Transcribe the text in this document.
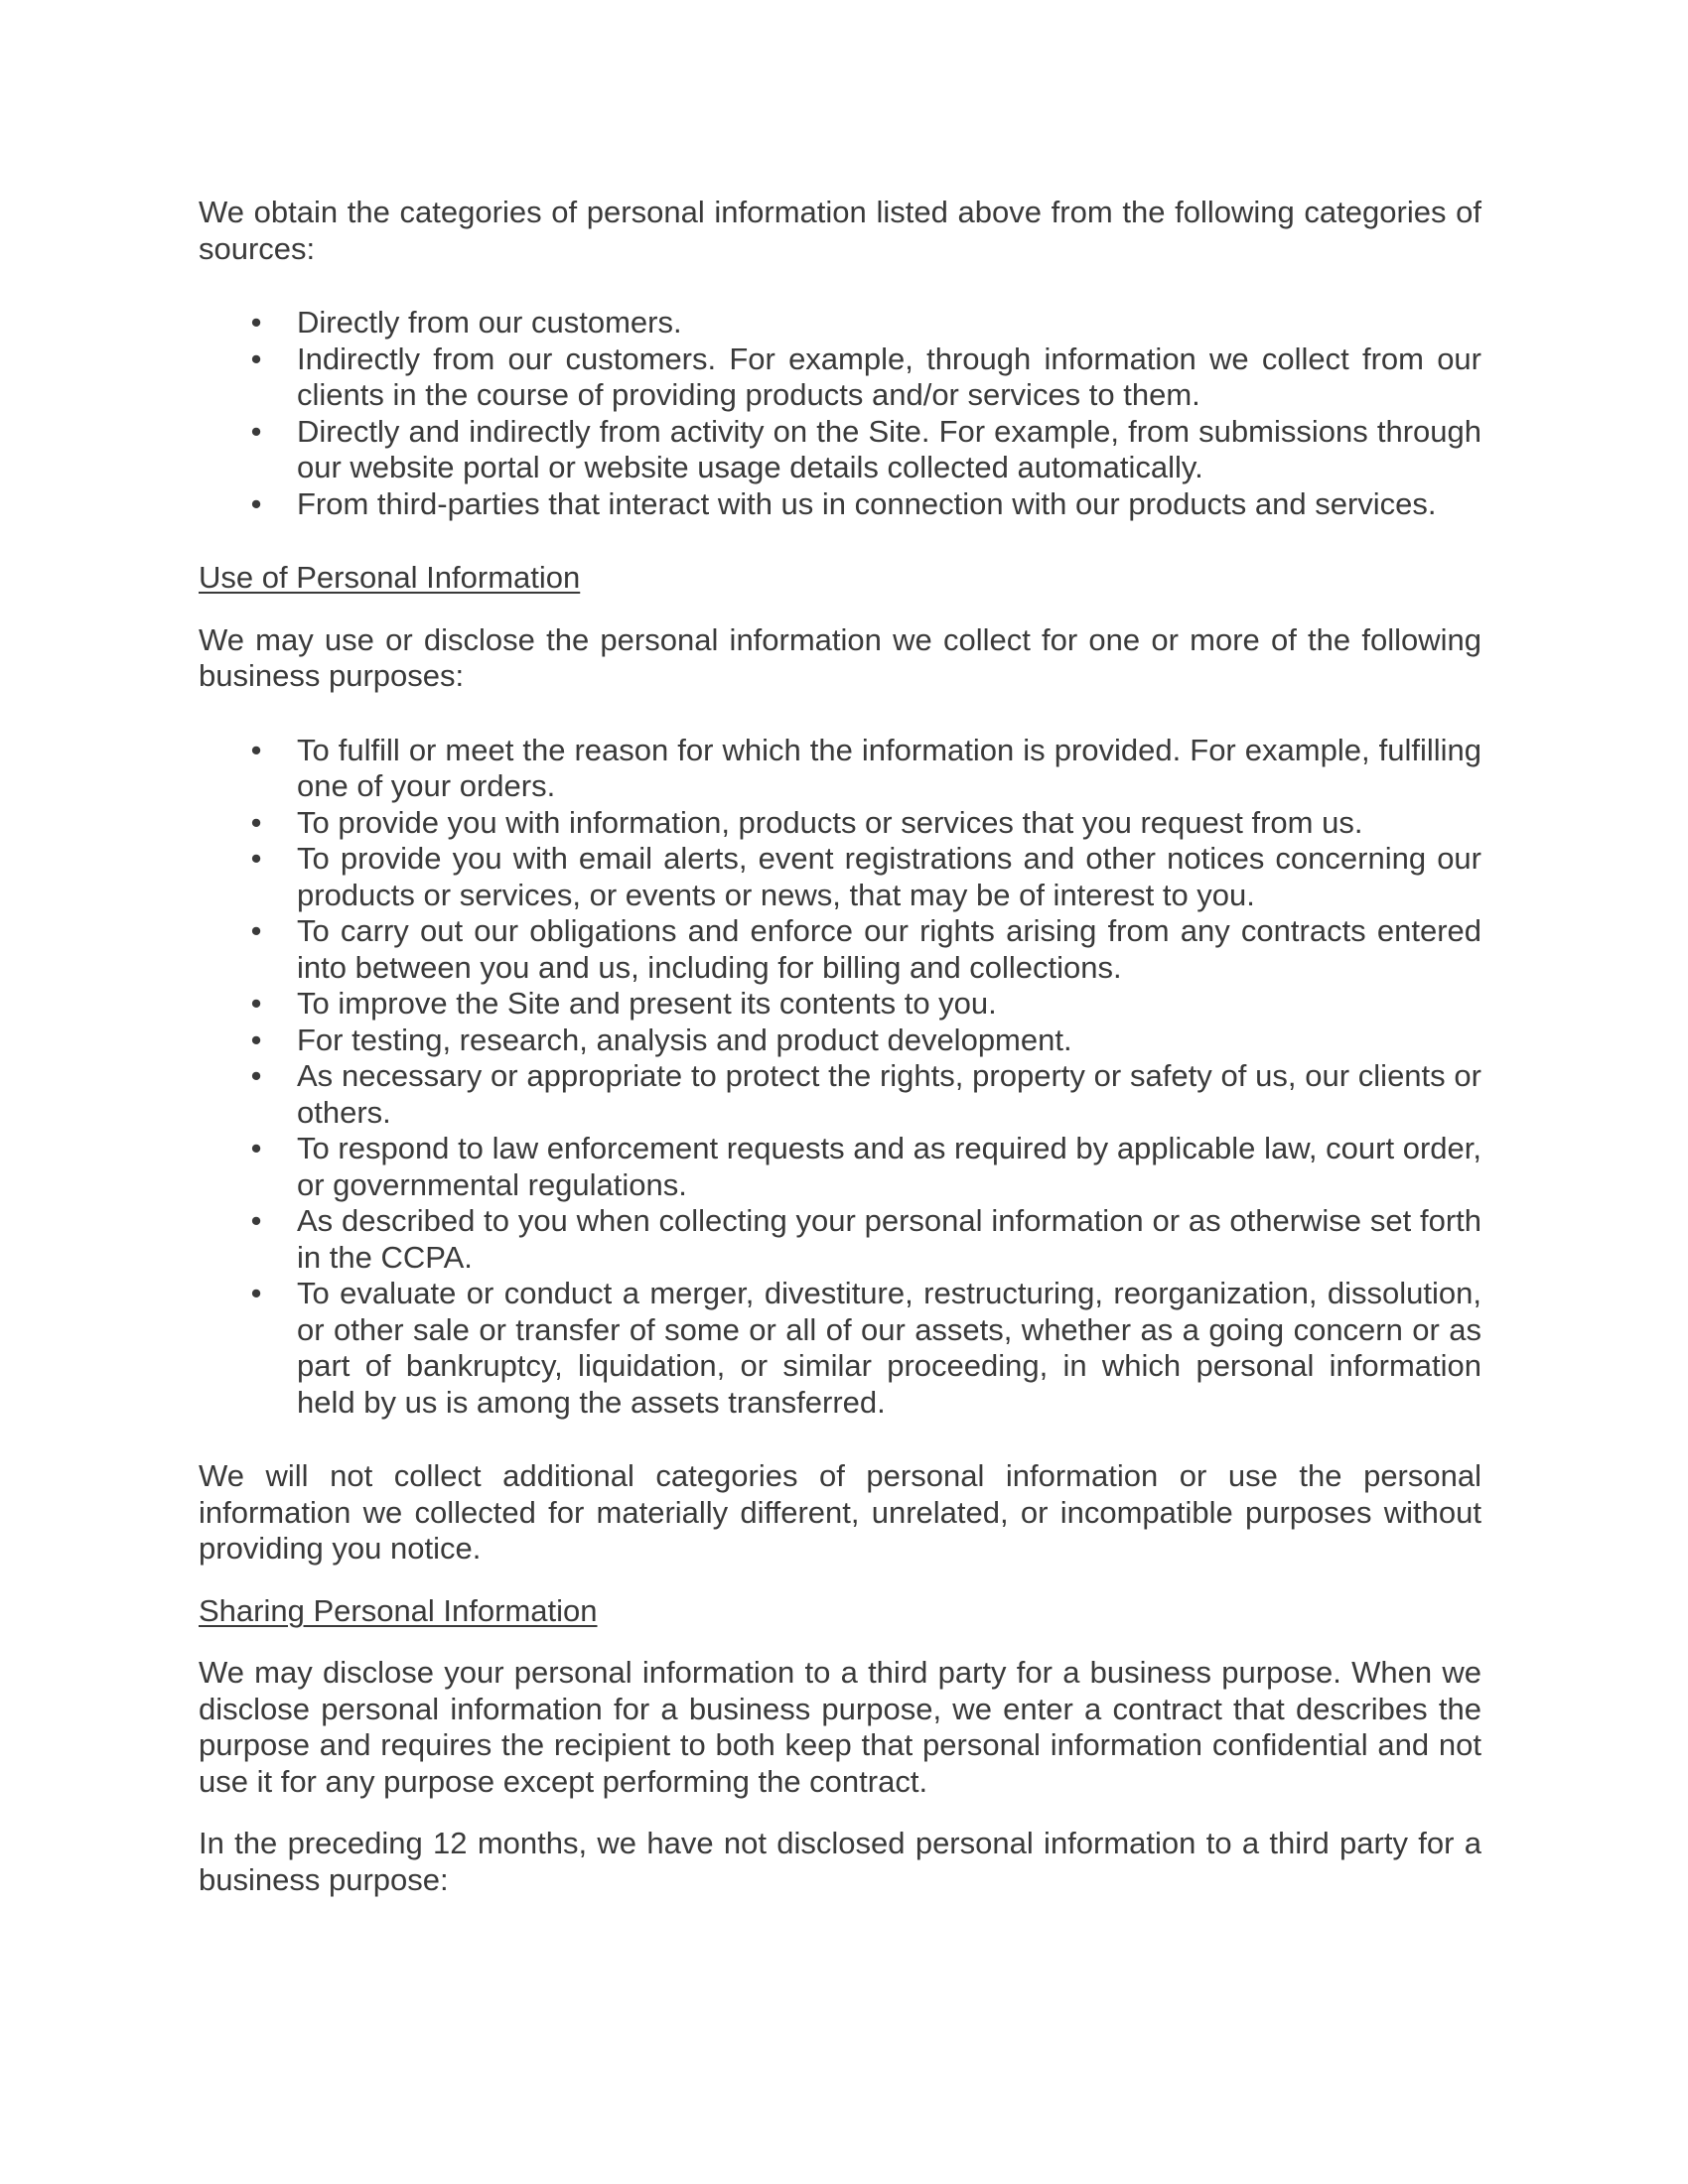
We obtain the categories of personal information listed above from the following categories of sources:

• Directly from our customers.
• Indirectly from our customers. For example, through information we collect from our clients in the course of providing products and/or services to them.
• Directly and indirectly from activity on the Site. For example, from submissions through our website portal or website usage details collected automatically.
• From third-parties that interact with us in connection with our products and services.

Use of Personal Information

We may use or disclose the personal information we collect for one or more of the following business purposes:

• To fulfill or meet the reason for which the information is provided. For example, fulfilling one of your orders.
• To provide you with information, products or services that you request from us.
• To provide you with email alerts, event registrations and other notices concerning our products or services, or events or news, that may be of interest to you.
• To carry out our obligations and enforce our rights arising from any contracts entered into between you and us, including for billing and collections.
• To improve the Site and present its contents to you.
• For testing, research, analysis and product development.
• As necessary or appropriate to protect the rights, property or safety of us, our clients or others.
• To respond to law enforcement requests and as required by applicable law, court order, or governmental regulations.
• As described to you when collecting your personal information or as otherwise set forth in the CCPA.
• To evaluate or conduct a merger, divestiture, restructuring, reorganization, dissolution, or other sale or transfer of some or all of our assets, whether as a going concern or as part of bankruptcy, liquidation, or similar proceeding, in which personal information held by us is among the assets transferred.

We will not collect additional categories of personal information or use the personal information we collected for materially different, unrelated, or incompatible purposes without providing you notice.

Sharing Personal Information

We may disclose your personal information to a third party for a business purpose. When we disclose personal information for a business purpose, we enter a contract that describes the purpose and requires the recipient to both keep that personal information confidential and not use it for any purpose except performing the contract.

In the preceding 12 months, we have not disclosed personal information to a third party for a business purpose:
